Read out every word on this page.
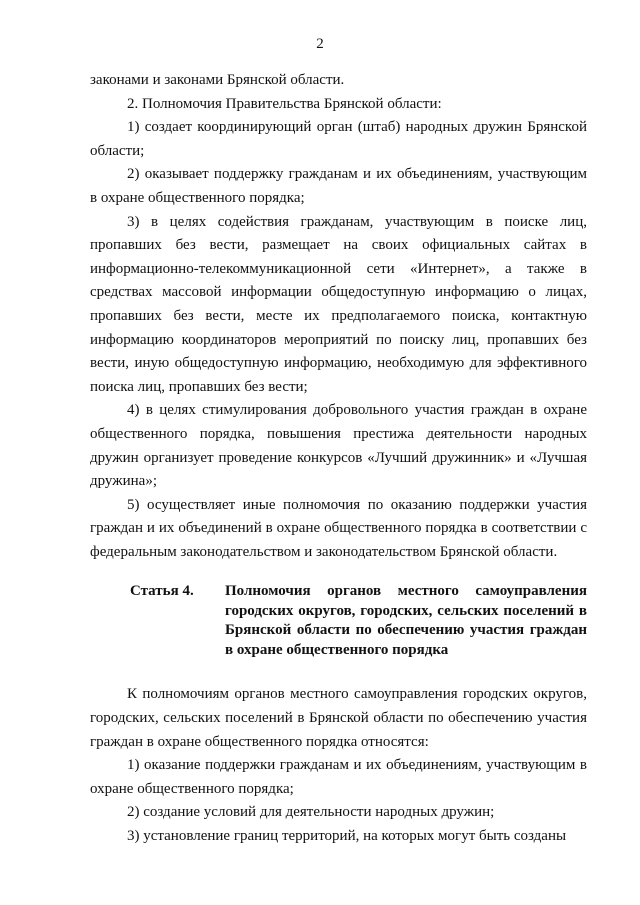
2

законами и законами Брянской области.

2. Полномочия Правительства Брянской области:

1) создает координирующий орган (штаб) народных дружин Брянской области;

2) оказывает поддержку гражданам и их объединениям, участвующим в охране общественного порядка;

3) в целях содействия гражданам, участвующим в поиске лиц, пропавших без вести, размещает на своих официальных сайтах в информационно-телекоммуникационной сети «Интернет», а также в средствах массовой информации общедоступную информацию о лицах, пропавших без вести, месте их предполагаемого поиска, контактную информацию координаторов мероприятий по поиску лиц, пропавших без вести, иную общедоступную информацию, необходимую для эффективного поиска лиц, пропавших без вести;

4) в целях стимулирования добровольного участия граждан в охране общественного порядка, повышения престижа деятельности народных дружин организует проведение конкурсов «Лучший дружинник» и «Лучшая дружина»;

5) осуществляет иные полномочия по оказанию поддержки участия граждан и их объединений в охране общественного порядка в соответствии с федеральным законодательством и законодательством Брянской области.

Статья 4.	Полномочия органов местного самоуправления городских округов, городских, сельских поселений в Брянской области по обеспечению участия граждан в охране общественного порядка

К полномочиям органов местного самоуправления городских округов, городских, сельских поселений в Брянской области по обеспечению участия граждан в охране общественного порядка относятся:

1) оказание поддержки гражданам и их объединениям, участвующим в охране общественного порядка;

2) создание условий для деятельности народных дружин;

3) установление границ территорий, на которых могут быть созданы
